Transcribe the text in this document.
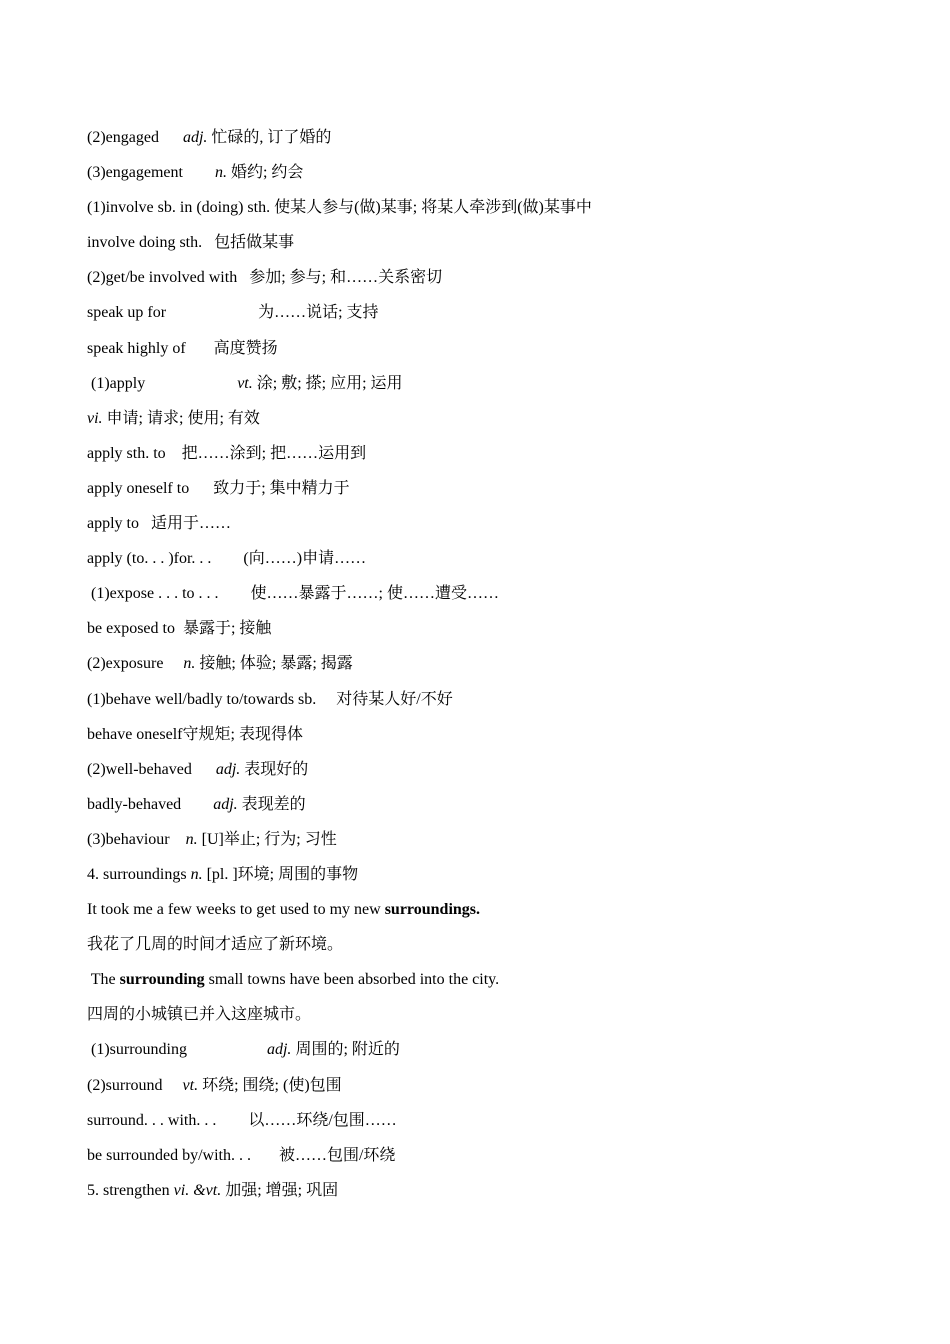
(2)engaged      adj. 忙碌的, 订了婚的
(3)engagement        n. 婚约; 约会
(1)involve sb. in (doing) sth. 使某人参与(做)某事; 将某人牵涉到(做)某事中
involve doing sth.   包括做某事
(2)get/be involved with   参加; 参与; 和……关系密切
speak up for                       为……说话; 支持
speak highly of       高度赞扬
(1)apply                       vt. 涂; 敷; 搽; 应用; 运用
vi. 申请; 请求; 使用; 有效
apply sth. to    把……涂到; 把……运用到
apply oneself to      致力于; 集中精力于
apply to   适用于……
apply (to. . . )for. . .        (向……)申请……
(1)expose . . . to . . .        使……暴露于……; 使……遭受……
be exposed to  暴露于; 接触
(2)exposure     n. 接触; 体验; 暴露; 揭露
(1)behave well/badly to/towards sb.     对待某人好/不好
behave oneself守规矩; 表现得体
(2)well-behaved      adj. 表现好的
badly-behaved        adj. 表现差的
(3)behaviour    n. [U]举止; 行为; 习性
4. surroundings n. [pl. ]环境; 周围的事物
It took me a few weeks to get used to my new surroundings.
我花了几周的时间才适应了新环境。
The surrounding small towns have been absorbed into the city.
四周的小城镇已并入这座城市。
(1)surrounding                    adj. 周围的; 附近的
(2)surround     vt. 环绕; 围绕; (使)包围
surround. . . with. . .        以……环绕/包围……
be surrounded by/with. . .       被……包围/环绕
5. strengthen vi. &vt. 加强; 增强; 巩固
